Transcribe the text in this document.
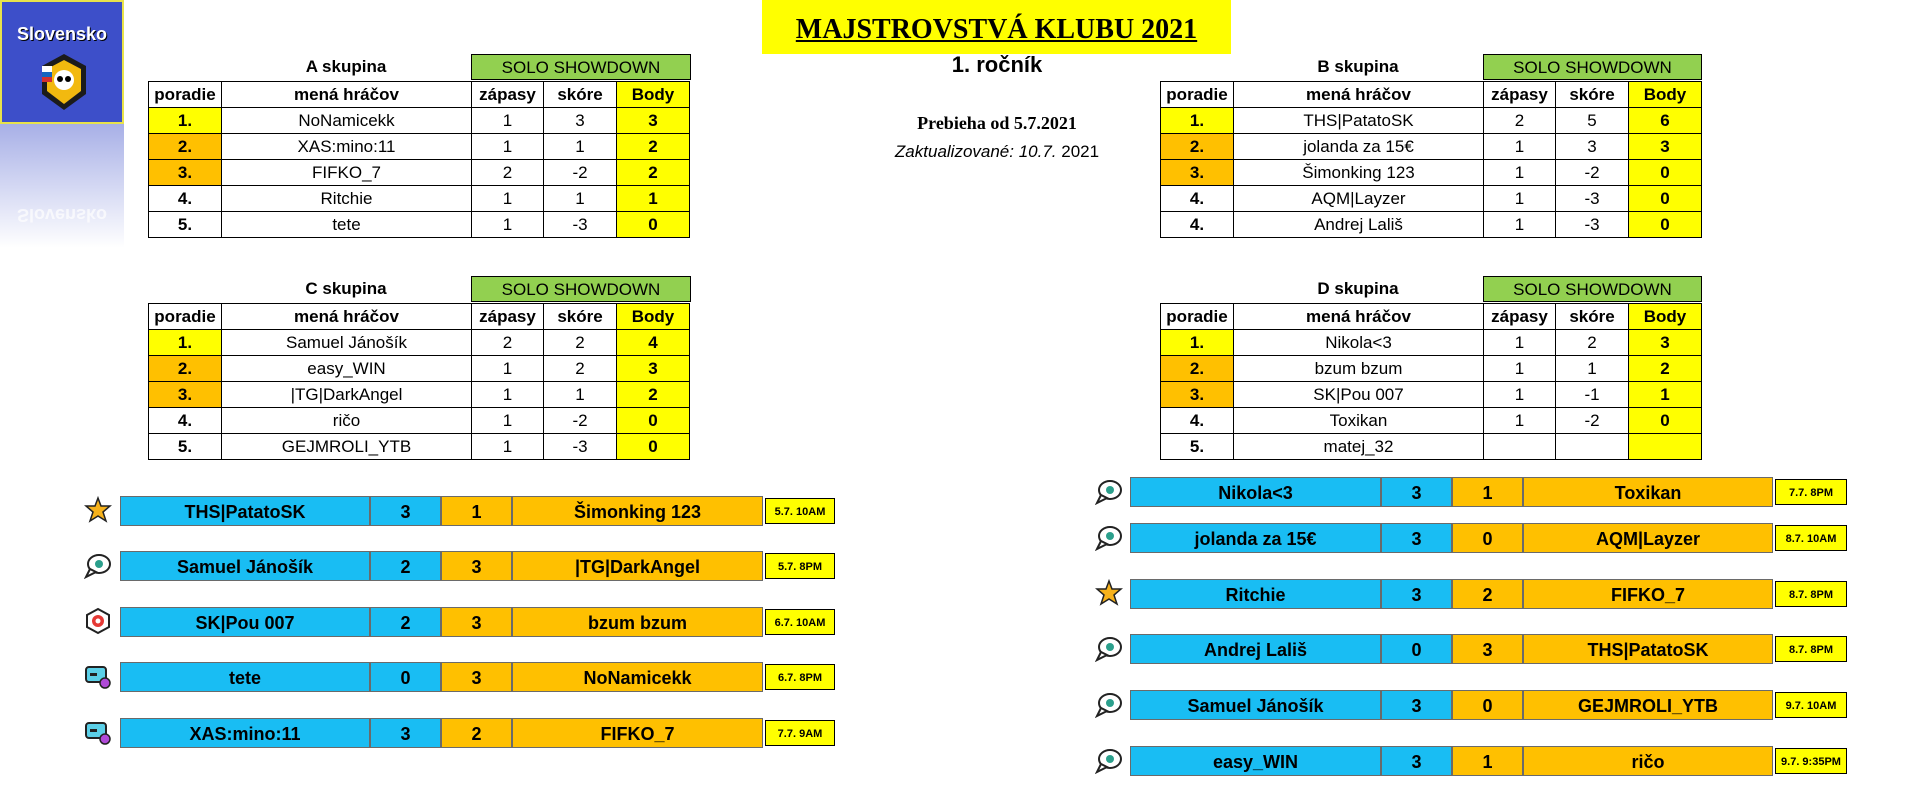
Slovensko
Slovensko
MAJSTROVSTVÁ KLUBU 2021
1. ročník
Prebieha od 5.7.2021
Zaktualizované: 10.7. 2021
A skupina	SOLO SHOWDOWN
poradie	mená hráčov	zápasy	skóre	Body
1.	NoNamicekk	1	3	3
2.	XAS:mino:11	1	1	2
3.	FIFKO_7	2	-2	2
4.	Ritchie	1	1	1
5.	tete	1	-3	0
B skupina	SOLO SHOWDOWN
poradie	mená hráčov	zápasy	skóre	Body
1.	THS|PatatoSK	2	5	6
2.	jolanda za 15€	1	3	3
3.	Šimonking 123	1	-2	0
4.	AQM|Layzer	1	-3	0
4.	Andrej Lališ	1	-3	0
C skupina	SOLO SHOWDOWN
poradie	mená hráčov	zápasy	skóre	Body
1.	Samuel Jánošík	2	2	4
2.	easy_WIN	1	2	3
3.	|TG|DarkAngel	1	1	2
4.	ričo	1	-2	0
5.	GEJMROLI_YTB	1	-3	0
D skupina	SOLO SHOWDOWN
poradie	mená hráčov	zápasy	skóre	Body
1.	Nikola<3	1	2	3
2.	bzum bzum	1	1	2
3.	SK|Pou 007	1	-1	1
4.	Toxikan	1	-2	0
5.	matej_32			
THS|PatatoSK	3	1	Šimonking 123	5.7. 10AM
Samuel Jánošík	2	3	|TG|DarkAngel	5.7. 8PM
SK|Pou 007	2	3	bzum bzum	6.7. 10AM
tete	0	3	NoNamicekk	6.7. 8PM
XAS:mino:11	3	2	FIFKO_7	7.7. 9AM
Nikola<3	3	1	Toxikan	7.7. 8PM
jolanda za 15€	3	0	AQM|Layzer	8.7. 10AM
Ritchie	3	2	FIFKO_7	8.7. 8PM
Andrej Lališ	0	3	THS|PatatoSK	8.7. 8PM
Samuel Jánošík	3	0	GEJMROLI_YTB	9.7. 10AM
easy_WIN	3	1	ričo	9.7. 9:35PM
